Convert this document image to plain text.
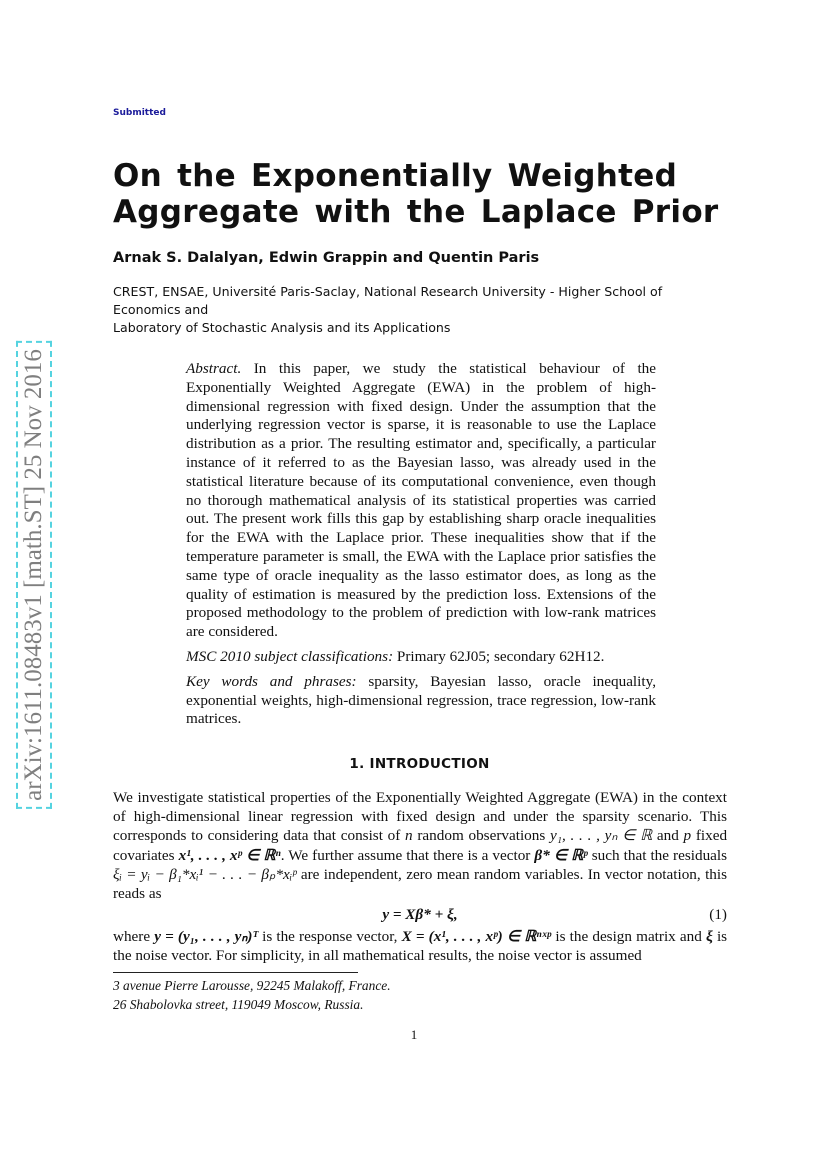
Submitted
On the Exponentially Weighted
Aggregate with the Laplace Prior
Arnak S. Dalalyan, Edwin Grappin and Quentin Paris
CREST, ENSAE, Université Paris-Saclay, National Research University - Higher School of Economics and
Laboratory of Stochastic Analysis and its Applications
arXiv:1611.08483v1 [math.ST] 25 Nov 2016	Abstract. In this paper, we study the statistical behaviour of the Exponentially Weighted Aggregate (EWA) in the problem of high-dimensional regression with fixed design. Under the assumption that the underlying regression vector is sparse, it is reasonable to use the Laplace distribution as a prior. The resulting estimator and, specifically, a particular instance of it referred to as the Bayesian lasso, was already used in the statistical literature because of its computational convenience, even though no thorough mathematical analysis of its statistical properties was carried out. The present work fills this gap by establishing sharp oracle inequalities for the EWA with the Laplace prior. These inequalities show that if the temperature parameter is small, the EWA with the Laplace prior satisfies the same type of oracle inequality as the lasso estimator does, as long as the quality of estimation is measured by the prediction loss. Extensions of the proposed methodology to the problem of prediction with low-rank matrices are considered.

MSC 2010 subject classifications: Primary 62J05; secondary 62H12.

Key words and phrases: sparsity, Bayesian lasso, oracle inequality, exponential weights, high-dimensional regression, trace regression, low-rank matrices.

1. INTRODUCTION

We investigate statistical properties of the Exponentially Weighted Aggregate (EWA) in the context of high-dimensional linear regression with fixed design and under the sparsity scenario. This corresponds to considering data that consist of n random observations y₁, . . . , yₙ ∈ ℝ and p fixed covariates x¹, . . . , xᵖ ∈ ℝⁿ. We further assume that there is a vector β* ∈ ℝᵖ such that the residuals ξᵢ = yᵢ − β₁*xᵢ¹ − . . . − βₚ*xᵢᵖ are independent, zero mean random variables. In vector notation, this reads as

y = Xβ* + ξ,	(1)

where y = (y₁, . . . , yₙ)ᵀ is the response vector, X = (x¹, . . . , xᵖ) ∈ ℝⁿˣᵖ is the design matrix and ξ is the noise vector. For simplicity, in all mathematical results, the noise vector is assumed

3 avenue Pierre Larousse, 92245 Malakoff, France.
26 Shabolovka street, 119049 Moscow, Russia.
1
